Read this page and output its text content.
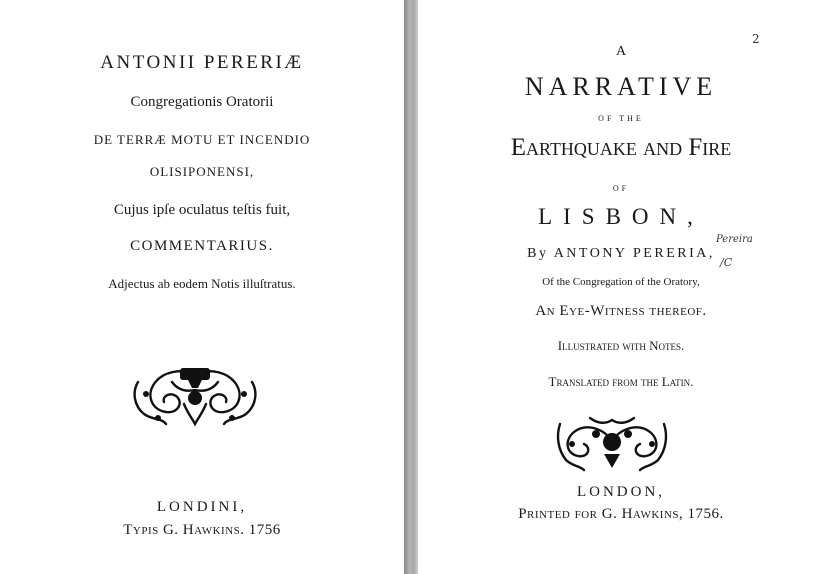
ANTONII PERERIÆ
Congregationis Oratorii
DE TERRÆ MOTU ET INCENDIO
OLISIPONENSI,
Cujus ipſe oculatus teſtis fuit,
COMMENTARIUS.
Adjectus ab eodem Notis illuſtratus.
LONDINI,
Typis G. Hawkins. 1756
A
NARRATIVE
OF THE
Earthquake and Fire
OF
LISBON,
By ANTONY PERERIA,
Of the Congregation of the Oratory,
An Eye-Witness thereof.
Illuſtrated with Notes.
Tranſlated from the Latin.
LONDON,
Printed for G. Hawkins, 1756.
Pereira
/C
2
